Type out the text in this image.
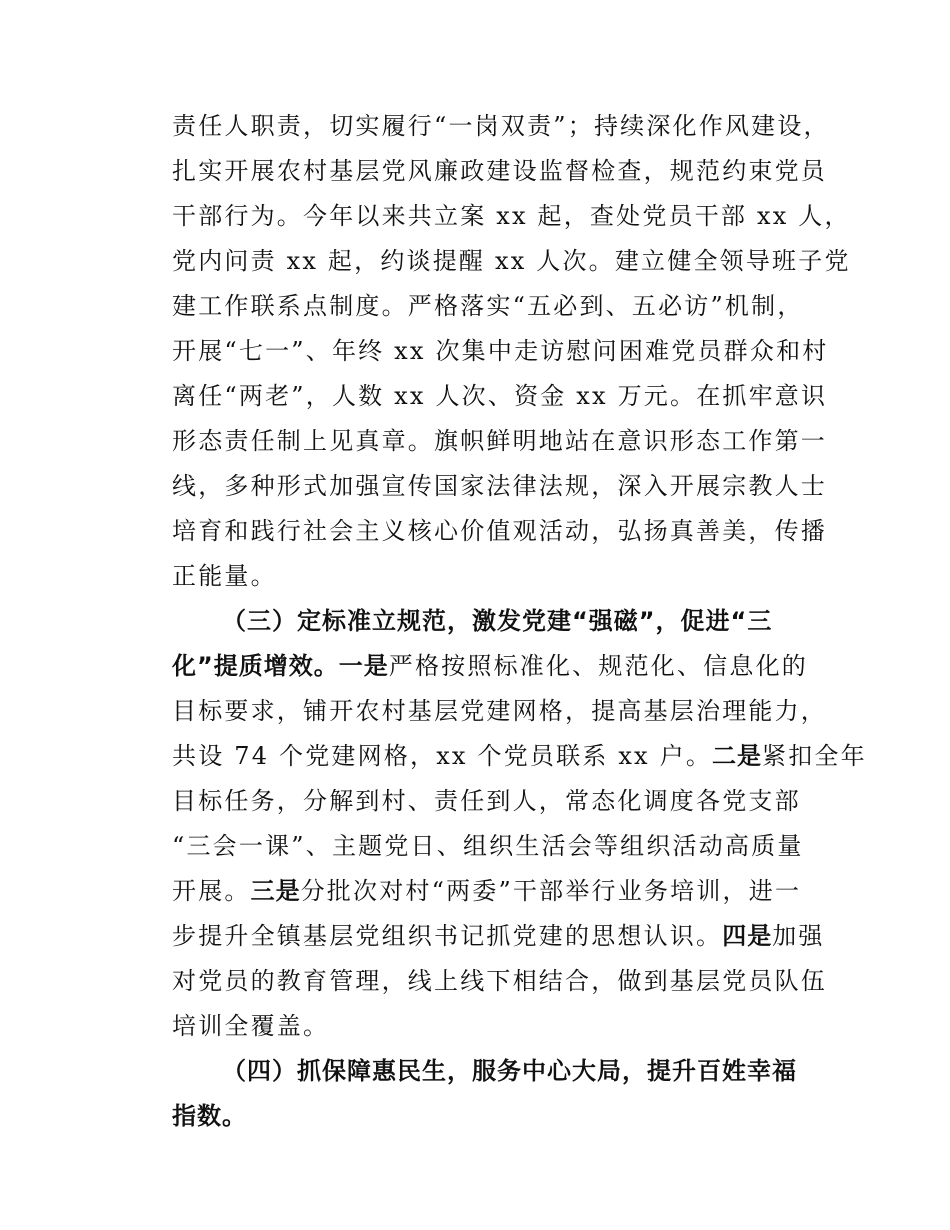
责任人职责，切实履行“一岗双责”；持续深化作风建设，
扎实开展农村基层党风廉政建设监督检查，规范约束党员
干部行为。今年以来共立案 xx 起，查处党员干部 xx 人，
党内问责 xx 起，约谈提醒 xx 人次。建立健全领导班子党
建工作联系点制度。严格落实“五必到、五必访”机制，
开展“七一”、年终 xx 次集中走访慰问困难党员群众和村
离任“两老”，人数 xx 人次、资金 xx 万元。在抓牢意识
形态责任制上见真章。旗帜鲜明地站在意识形态工作第一
线，多种形式加强宣传国家法律法规，深入开展宗教人士
培育和践行社会主义核心价值观活动，弘扬真善美，传播
正能量。
（三）定标准立规范，激发党建“强磁”，促进“三
化”提质增效。一是严格按照标准化、规范化、信息化的
目标要求，铺开农村基层党建网格，提高基层治理能力，
共设 74 个党建网格，xx 个党员联系 xx 户。二是紧扣全年
目标任务，分解到村、责任到人，常态化调度各党支部
“三会一课”、主题党日、组织生活会等组织活动高质量
开展。三是分批次对村“两委”干部举行业务培训，进一
步提升全镇基层党组织书记抓党建的思想认识。四是加强
对党员的教育管理，线上线下相结合，做到基层党员队伍
培训全覆盖。
（四）抓保障惠民生，服务中心大局，提升百姓幸福
指数。
